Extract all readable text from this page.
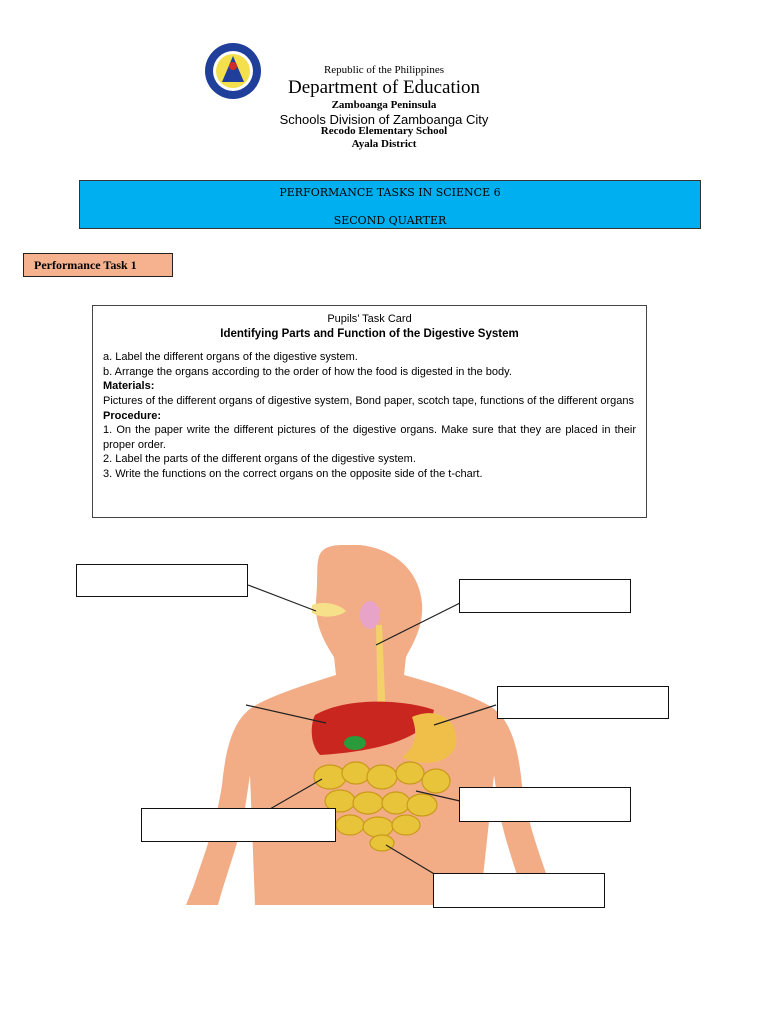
Republic of the Philippines
Department of Education
Zamboanga Peninsula
Schools Division of Zamboanga City
Recodo Elementary School
Ayala District
PERFORMANCE TASKS IN SCIENCE 6
SECOND QUARTER
Performance Task 1
Pupils’ Task Card
Identifying Parts and Function of the Digestive System
a. Label the different organs of the digestive system.
b. Arrange the organs according to the order of how the food is digested in the body.
Materials:
Pictures of the different organs of digestive system, Bond paper, scotch tape, functions of the different organs
Procedure:
1. On the paper write the different pictures of the digestive organs. Make sure that they are placed in their proper order.
2. Label the parts of the different organs of the digestive system.
3. Write the functions on the correct organs on the opposite side of the t-chart.
